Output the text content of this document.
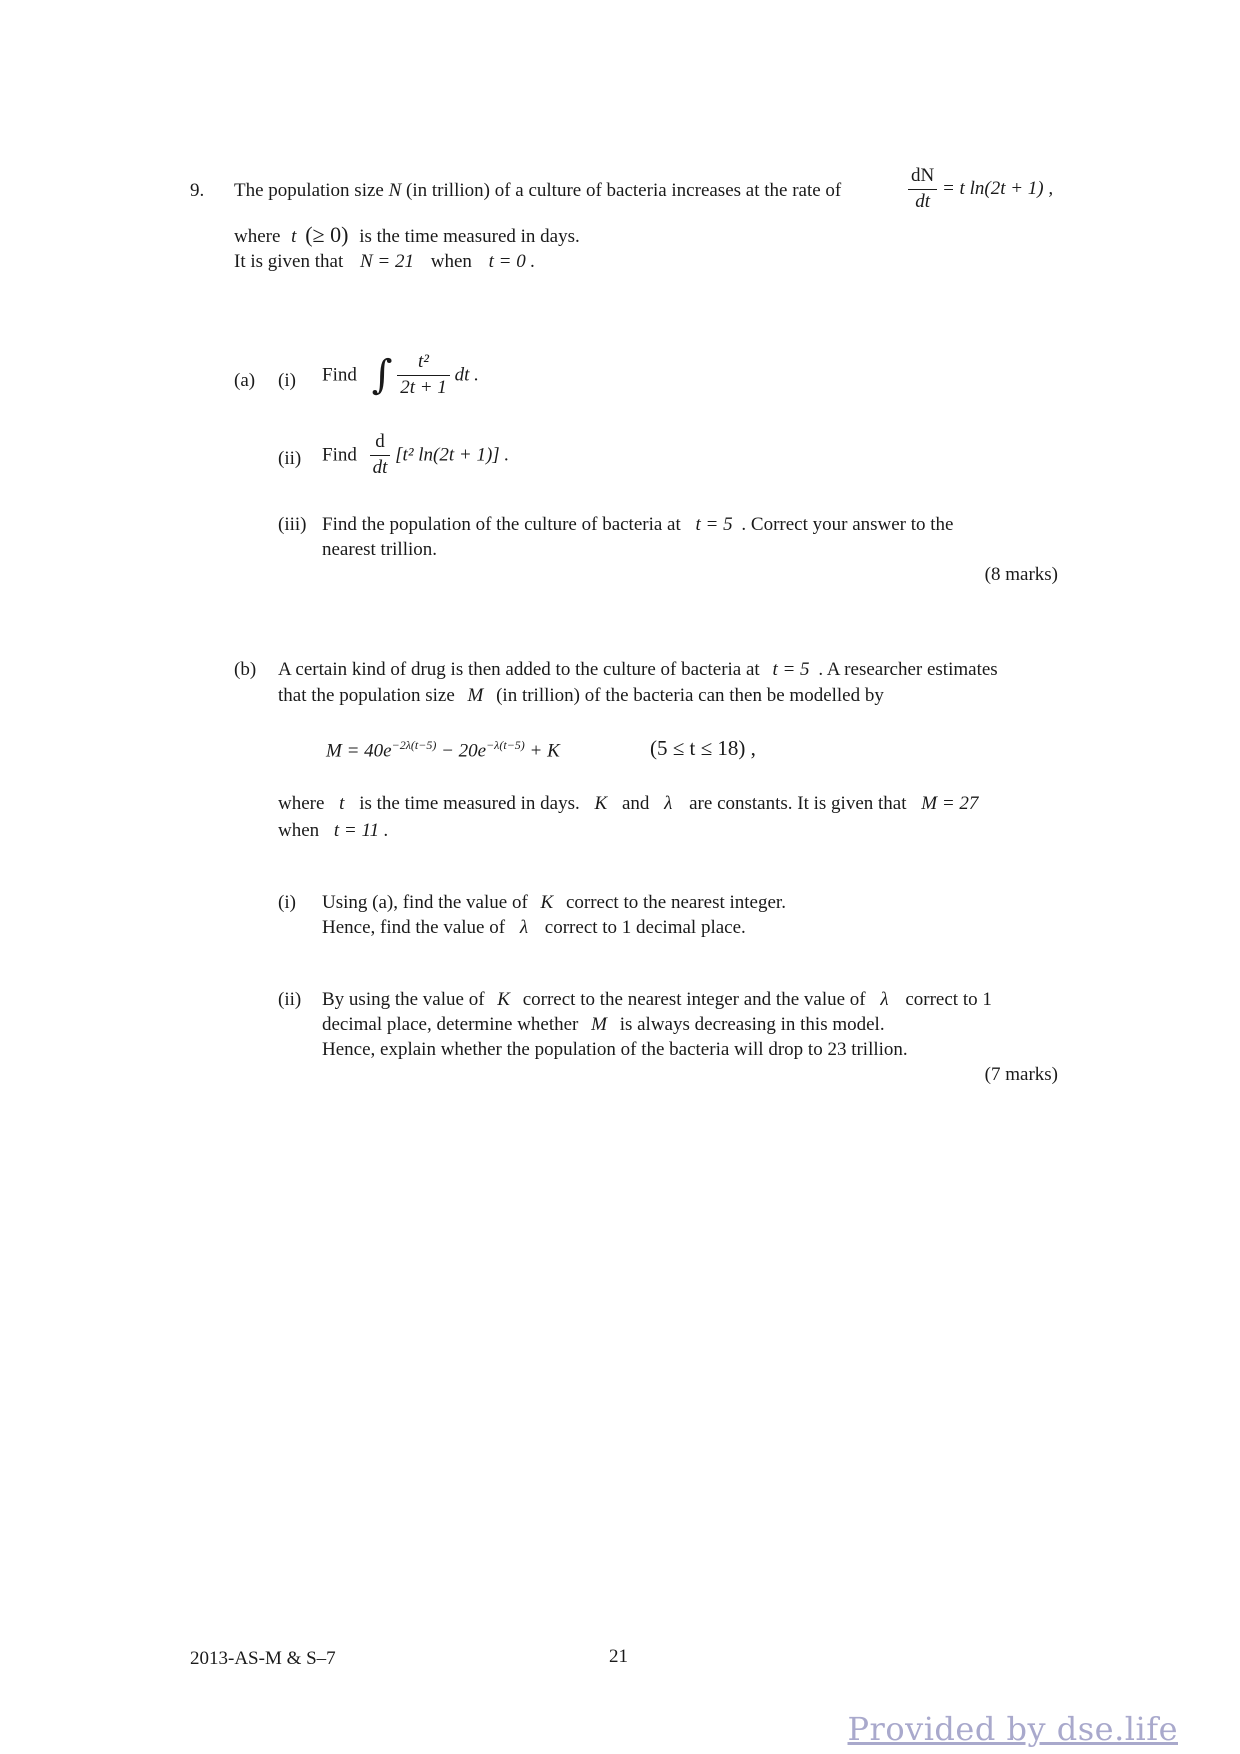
9. The population size N (in trillion) of a culture of bacteria increases at the rate of	$\frac{dN}{dt} = t$ ln(2t + 1) ,
where t (≥ 0) is the time measured in days.
It is given that N = 21 when t = 0 .
(a) (i) Find ∫ $\frac{\text{t²}}{2t + 1}$ dt .
(ii) Find $\frac{d}{dt} [t^2$ ln(2t + 1)] .
(iii) Find the population of the culture of bacteria at t = 5 . Correct your answer to the
nearest trillion.
(8 marks)
(b) A certain kind of drug is then added to the culture of bacteria at t = 5 . A researcher estimates
that the population size M (in trillion) of the bacteria can then be modelled by
$M = 40e^{-2\lambda(t-5)} - 20e^{-\lambda(t-5)} + K$	(5 ≤ t ≤ 18) ,
where t is the time measured in days. K and λ are constants. It is given that M = 27
when t = 11 .
(i) Using (a), find the value of K correct to the nearest integer.
Hence, find the value of λ correct to 1 decimal place.
(ii) By using the value of K correct to the nearest integer and the value of λ correct to 1
decimal place, determine whether M is always decreasing in this model.
Hence, explain whether the population of the bacteria will drop to 23 trillion.
(7 marks)
2013-AS-M & S–7	21
Provided by dse.life
